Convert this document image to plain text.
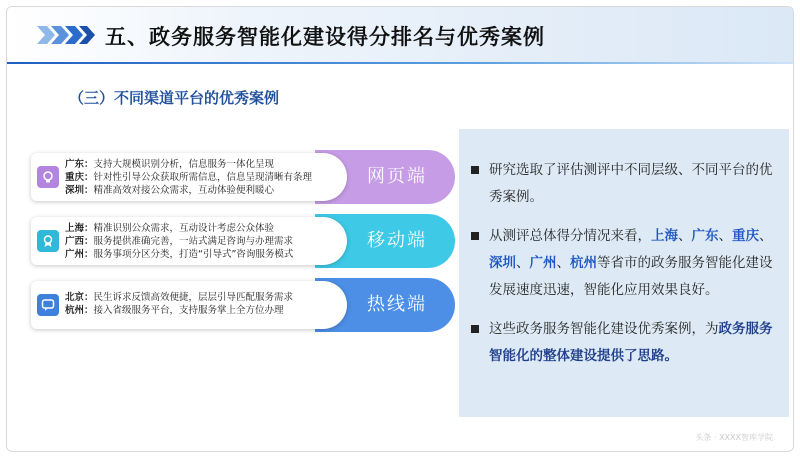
五、政务服务智能化建设得分排名与优秀案例
（三）不同渠道平台的优秀案例
网页端
广东：支持大规模识别分析，信息服务一体化呈现
重庆：针对性引导公众获取所需信息，信息呈现清晰有条理
深圳：精准高效对接公众需求，互动体验便利暖心
移动端
上海：精准识别公众需求，互动设计考虑公众体验
广西：服务提供准确完善，一站式满足咨询与办理需求
广州：服务事项分区分类，打造“引导式”咨询服务模式
热线端
北京：民生诉求反馈高效便捷，层层引导匹配服务需求
杭州：接入省级服务平台，支持服务掌上全方位办理
研究选取了评估测评中不同层级、不同平台的优秀案例。
从测评总体得分情况来看，上海、广东、重庆、深圳、广州、杭州等省市的政务服务智能化建设发展速度迅速，智能化应用效果良好。
这些政务服务智能化建设优秀案例，为政务服务智能化的整体建设提供了思路。
头条 · XXXX智库学院
